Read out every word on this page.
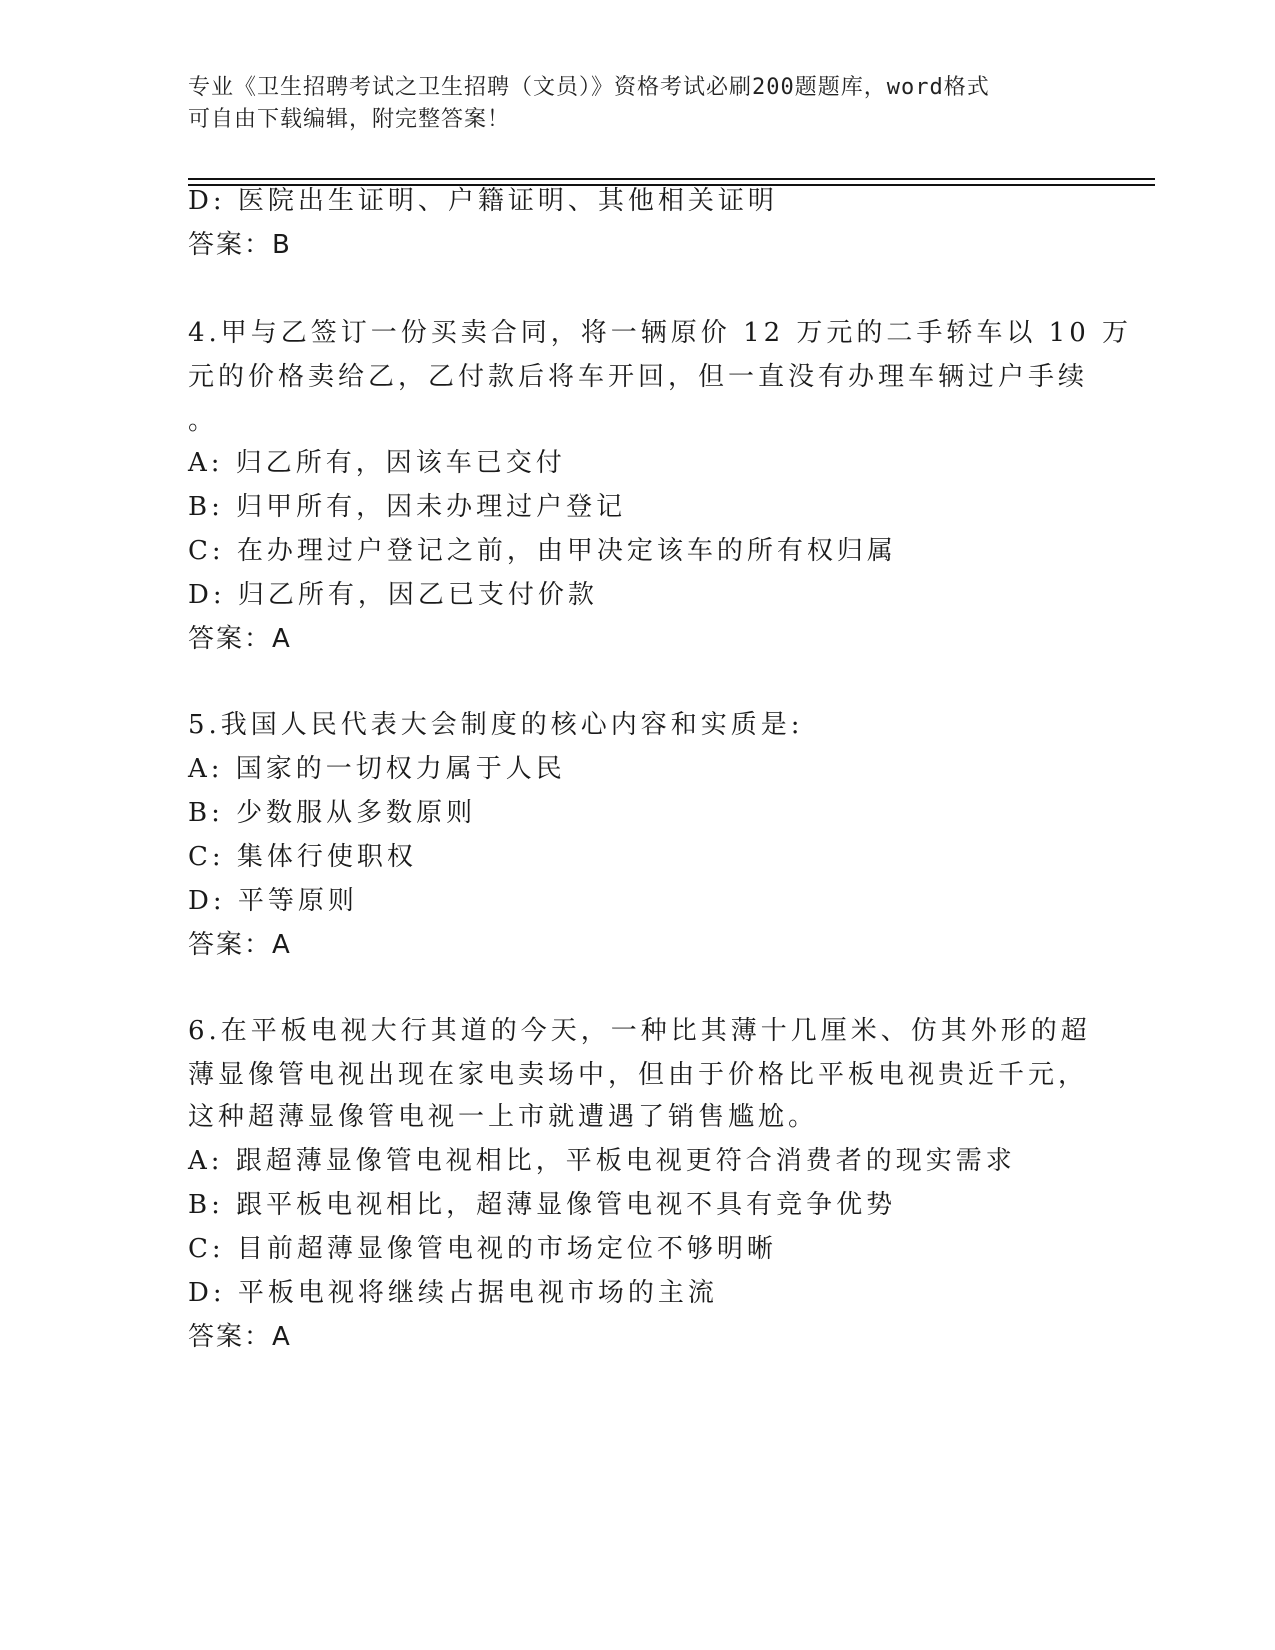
专业《卫生招聘考试之卫生招聘（文员）》资格考试必刷200题题库，word格式
可自由下载编辑，附完整答案！
D: 医院出生证明、户籍证明、其他相关证明
答案：B
4.甲与乙签订一份买卖合同，将一辆原价 12 万元的二手轿车以 10 万
元的价格卖给乙，乙付款后将车开回，但一直没有办理车辆过户手续
。
A: 归乙所有，因该车已交付
B: 归甲所有，因未办理过户登记
C: 在办理过户登记之前，由甲决定该车的所有权归属
D: 归乙所有，因乙已支付价款
答案：A
5.我国人民代表大会制度的核心内容和实质是:
A: 国家的一切权力属于人民
B: 少数服从多数原则
C: 集体行使职权
D: 平等原则
答案：A
6.在平板电视大行其道的今天，一种比其薄十几厘米、仿其外形的超
薄显像管电视出现在家电卖场中，但由于价格比平板电视贵近千元，
这种超薄显像管电视一上市就遭遇了销售尴尬。
A: 跟超薄显像管电视相比，平板电视更符合消费者的现实需求
B: 跟平板电视相比，超薄显像管电视不具有竞争优势
C: 目前超薄显像管电视的市场定位不够明晰
D: 平板电视将继续占据电视市场的主流
答案：A
